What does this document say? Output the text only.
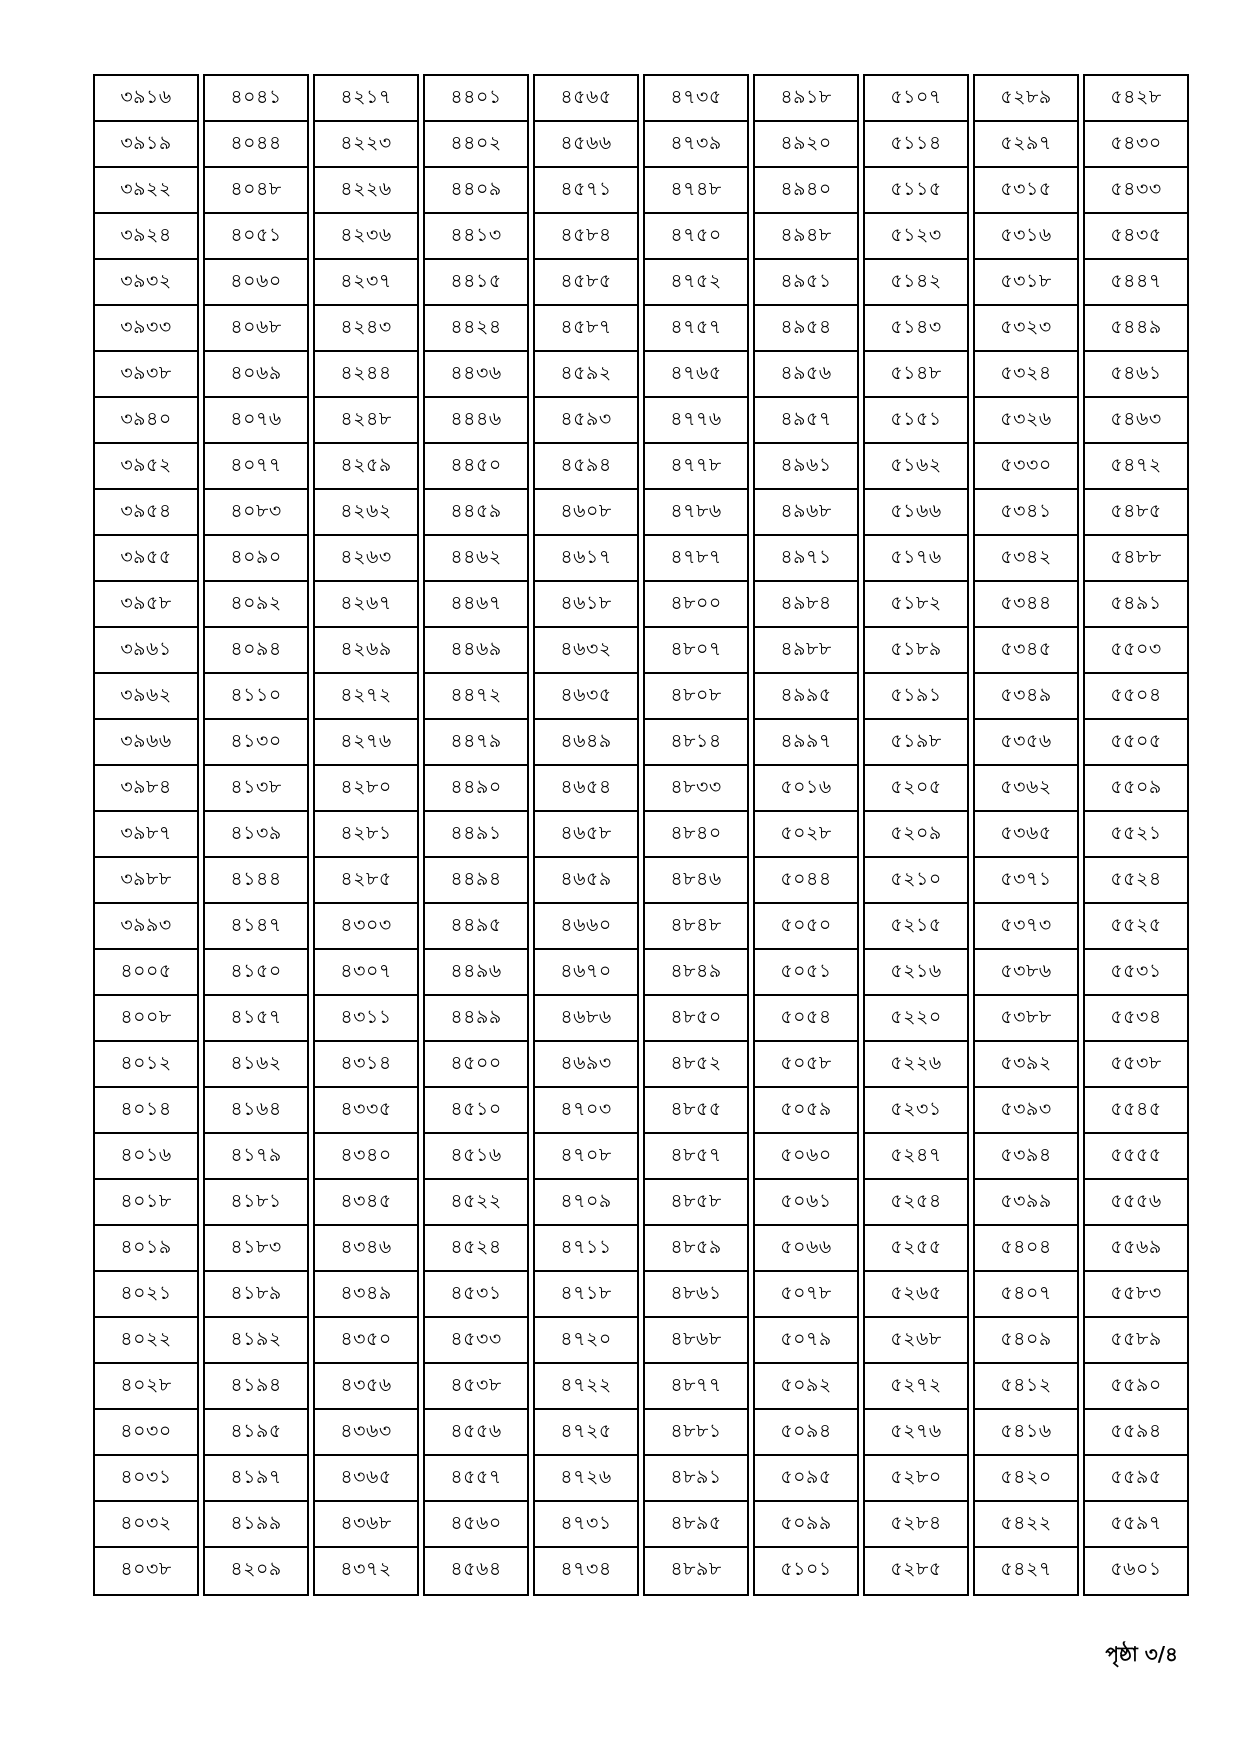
৩৯১৬
৩৯১৯
৩৯২২
৩৯২৪
৩৯৩২
৩৯৩৩
৩৯৩৮
৩৯৪০
৩৯৫২
৩৯৫৪
৩৯৫৫
৩৯৫৮
৩৯৬১
৩৯৬২
৩৯৬৬
৩৯৮৪
৩৯৮৭
৩৯৮৮
৩৯৯৩
৪০০৫
৪০০৮
৪০১২
৪০১৪
৪০১৬
৪০১৮
৪০১৯
৪০২১
৪০২২
৪০২৮
৪০৩০
৪০৩১
৪০৩২
৪০৩৮
৪০৪১
৪০৪৪
৪০৪৮
৪০৫১
৪০৬০
৪০৬৮
৪০৬৯
৪০৭৬
৪০৭৭
৪০৮৩
৪০৯০
৪০৯২
৪০৯৪
৪১১০
৪১৩০
৪১৩৮
৪১৩৯
৪১৪৪
৪১৪৭
৪১৫০
৪১৫৭
৪১৬২
৪১৬৪
৪১৭৯
৪১৮১
৪১৮৩
৪১৮৯
৪১৯২
৪১৯৪
৪১৯৫
৪১৯৭
৪১৯৯
৪২০৯
৪২১৭
৪২২৩
৪২২৬
৪২৩৬
৪২৩৭
৪২৪৩
৪২৪৪
৪২৪৮
৪২৫৯
৪২৬২
৪২৬৩
৪২৬৭
৪২৬৯
৪২৭২
৪২৭৬
৪২৮০
৪২৮১
৪২৮৫
৪৩০৩
৪৩০৭
৪৩১১
৪৩১৪
৪৩৩৫
৪৩৪০
৪৩৪৫
৪৩৪৬
৪৩৪৯
৪৩৫০
৪৩৫৬
৪৩৬৩
৪৩৬৫
৪৩৬৮
৪৩৭২
৪৪০১
৪৪০২
৪৪০৯
৪৪১৩
৪৪১৫
৪৪২৪
৪৪৩৬
৪৪৪৬
৪৪৫০
৪৪৫৯
৪৪৬২
৪৪৬৭
৪৪৬৯
৪৪৭২
৪৪৭৯
৪৪৯০
৪৪৯১
৪৪৯৪
৪৪৯৫
৪৪৯৬
৪৪৯৯
৪৫০০
৪৫১০
৪৫১৬
৪৫২২
৪৫২৪
৪৫৩১
৪৫৩৩
৪৫৩৮
৪৫৫৬
৪৫৫৭
৪৫৬০
৪৫৬৪
৪৫৬৫
৪৫৬৬
৪৫৭১
৪৫৮৪
৪৫৮৫
৪৫৮৭
৪৫৯২
৪৫৯৩
৪৫৯৪
৪৬০৮
৪৬১৭
৪৬১৮
৪৬৩২
৪৬৩৫
৪৬৪৯
৪৬৫৪
৪৬৫৮
৪৬৫৯
৪৬৬০
৪৬৭০
৪৬৮৬
৪৬৯৩
৪৭০৩
৪৭০৮
৪৭০৯
৪৭১১
৪৭১৮
৪৭২০
৪৭২২
৪৭২৫
৪৭২৬
৪৭৩১
৪৭৩৪
৪৭৩৫
৪৭৩৯
৪৭৪৮
৪৭৫০
৪৭৫২
৪৭৫৭
৪৭৬৫
৪৭৭৬
৪৭৭৮
৪৭৮৬
৪৭৮৭
৪৮০০
৪৮০৭
৪৮০৮
৪৮১৪
৪৮৩৩
৪৮৪০
৪৮৪৬
৪৮৪৮
৪৮৪৯
৪৮৫০
৪৮৫২
৪৮৫৫
৪৮৫৭
৪৮৫৮
৪৮৫৯
৪৮৬১
৪৮৬৮
৪৮৭৭
৪৮৮১
৪৮৯১
৪৮৯৫
৪৮৯৮
৪৯১৮
৪৯২০
৪৯৪০
৪৯৪৮
৪৯৫১
৪৯৫৪
৪৯৫৬
৪৯৫৭
৪৯৬১
৪৯৬৮
৪৯৭১
৪৯৮৪
৪৯৮৮
৪৯৯৫
৪৯৯৭
৫০১৬
৫০২৮
৫০৪৪
৫০৫০
৫০৫১
৫০৫৪
৫০৫৮
৫০৫৯
৫০৬০
৫০৬১
৫০৬৬
৫০৭৮
৫০৭৯
৫০৯২
৫০৯৪
৫০৯৫
৫০৯৯
৫১০১
৫১০৭
৫১১৪
৫১১৫
৫১২৩
৫১৪২
৫১৪৩
৫১৪৮
৫১৫১
৫১৬২
৫১৬৬
৫১৭৬
৫১৮২
৫১৮৯
৫১৯১
৫১৯৮
৫২০৫
৫২০৯
৫২১০
৫২১৫
৫২১৬
৫২২০
৫২২৬
৫২৩১
৫২৪৭
৫২৫৪
৫২৫৫
৫২৬৫
৫২৬৮
৫২৭২
৫২৭৬
৫২৮০
৫২৮৪
৫২৮৫
৫২৮৯
৫২৯৭
৫৩১৫
৫৩১৬
৫৩১৮
৫৩২৩
৫৩২৪
৫৩২৬
৫৩৩০
৫৩৪১
৫৩৪২
৫৩৪৪
৫৩৪৫
৫৩৪৯
৫৩৫৬
৫৩৬২
৫৩৬৫
৫৩৭১
৫৩৭৩
৫৩৮৬
৫৩৮৮
৫৩৯২
৫৩৯৩
৫৩৯৪
৫৩৯৯
৫৪০৪
৫৪০৭
৫৪০৯
৫৪১২
৫৪১৬
৫৪২০
৫৪২২
৫৪২৭
৫৪২৮
৫৪৩০
৫৪৩৩
৫৪৩৫
৫৪৪৭
৫৪৪৯
৫৪৬১
৫৪৬৩
৫৪৭২
৫৪৮৫
৫৪৮৮
৫৪৯১
৫৫০৩
৫৫০৪
৫৫০৫
৫৫০৯
৫৫২১
৫৫২৪
৫৫২৫
৫৫৩১
৫৫৩৪
৫৫৩৮
৫৫৪৫
৫৫৫৫
৫৫৫৬
৫৫৬৯
৫৫৮৩
৫৫৮৯
৫৫৯০
৫৫৯৪
৫৫৯৫
৫৫৯৭
৫৬০১
পৃষ্ঠা ৩/৪
